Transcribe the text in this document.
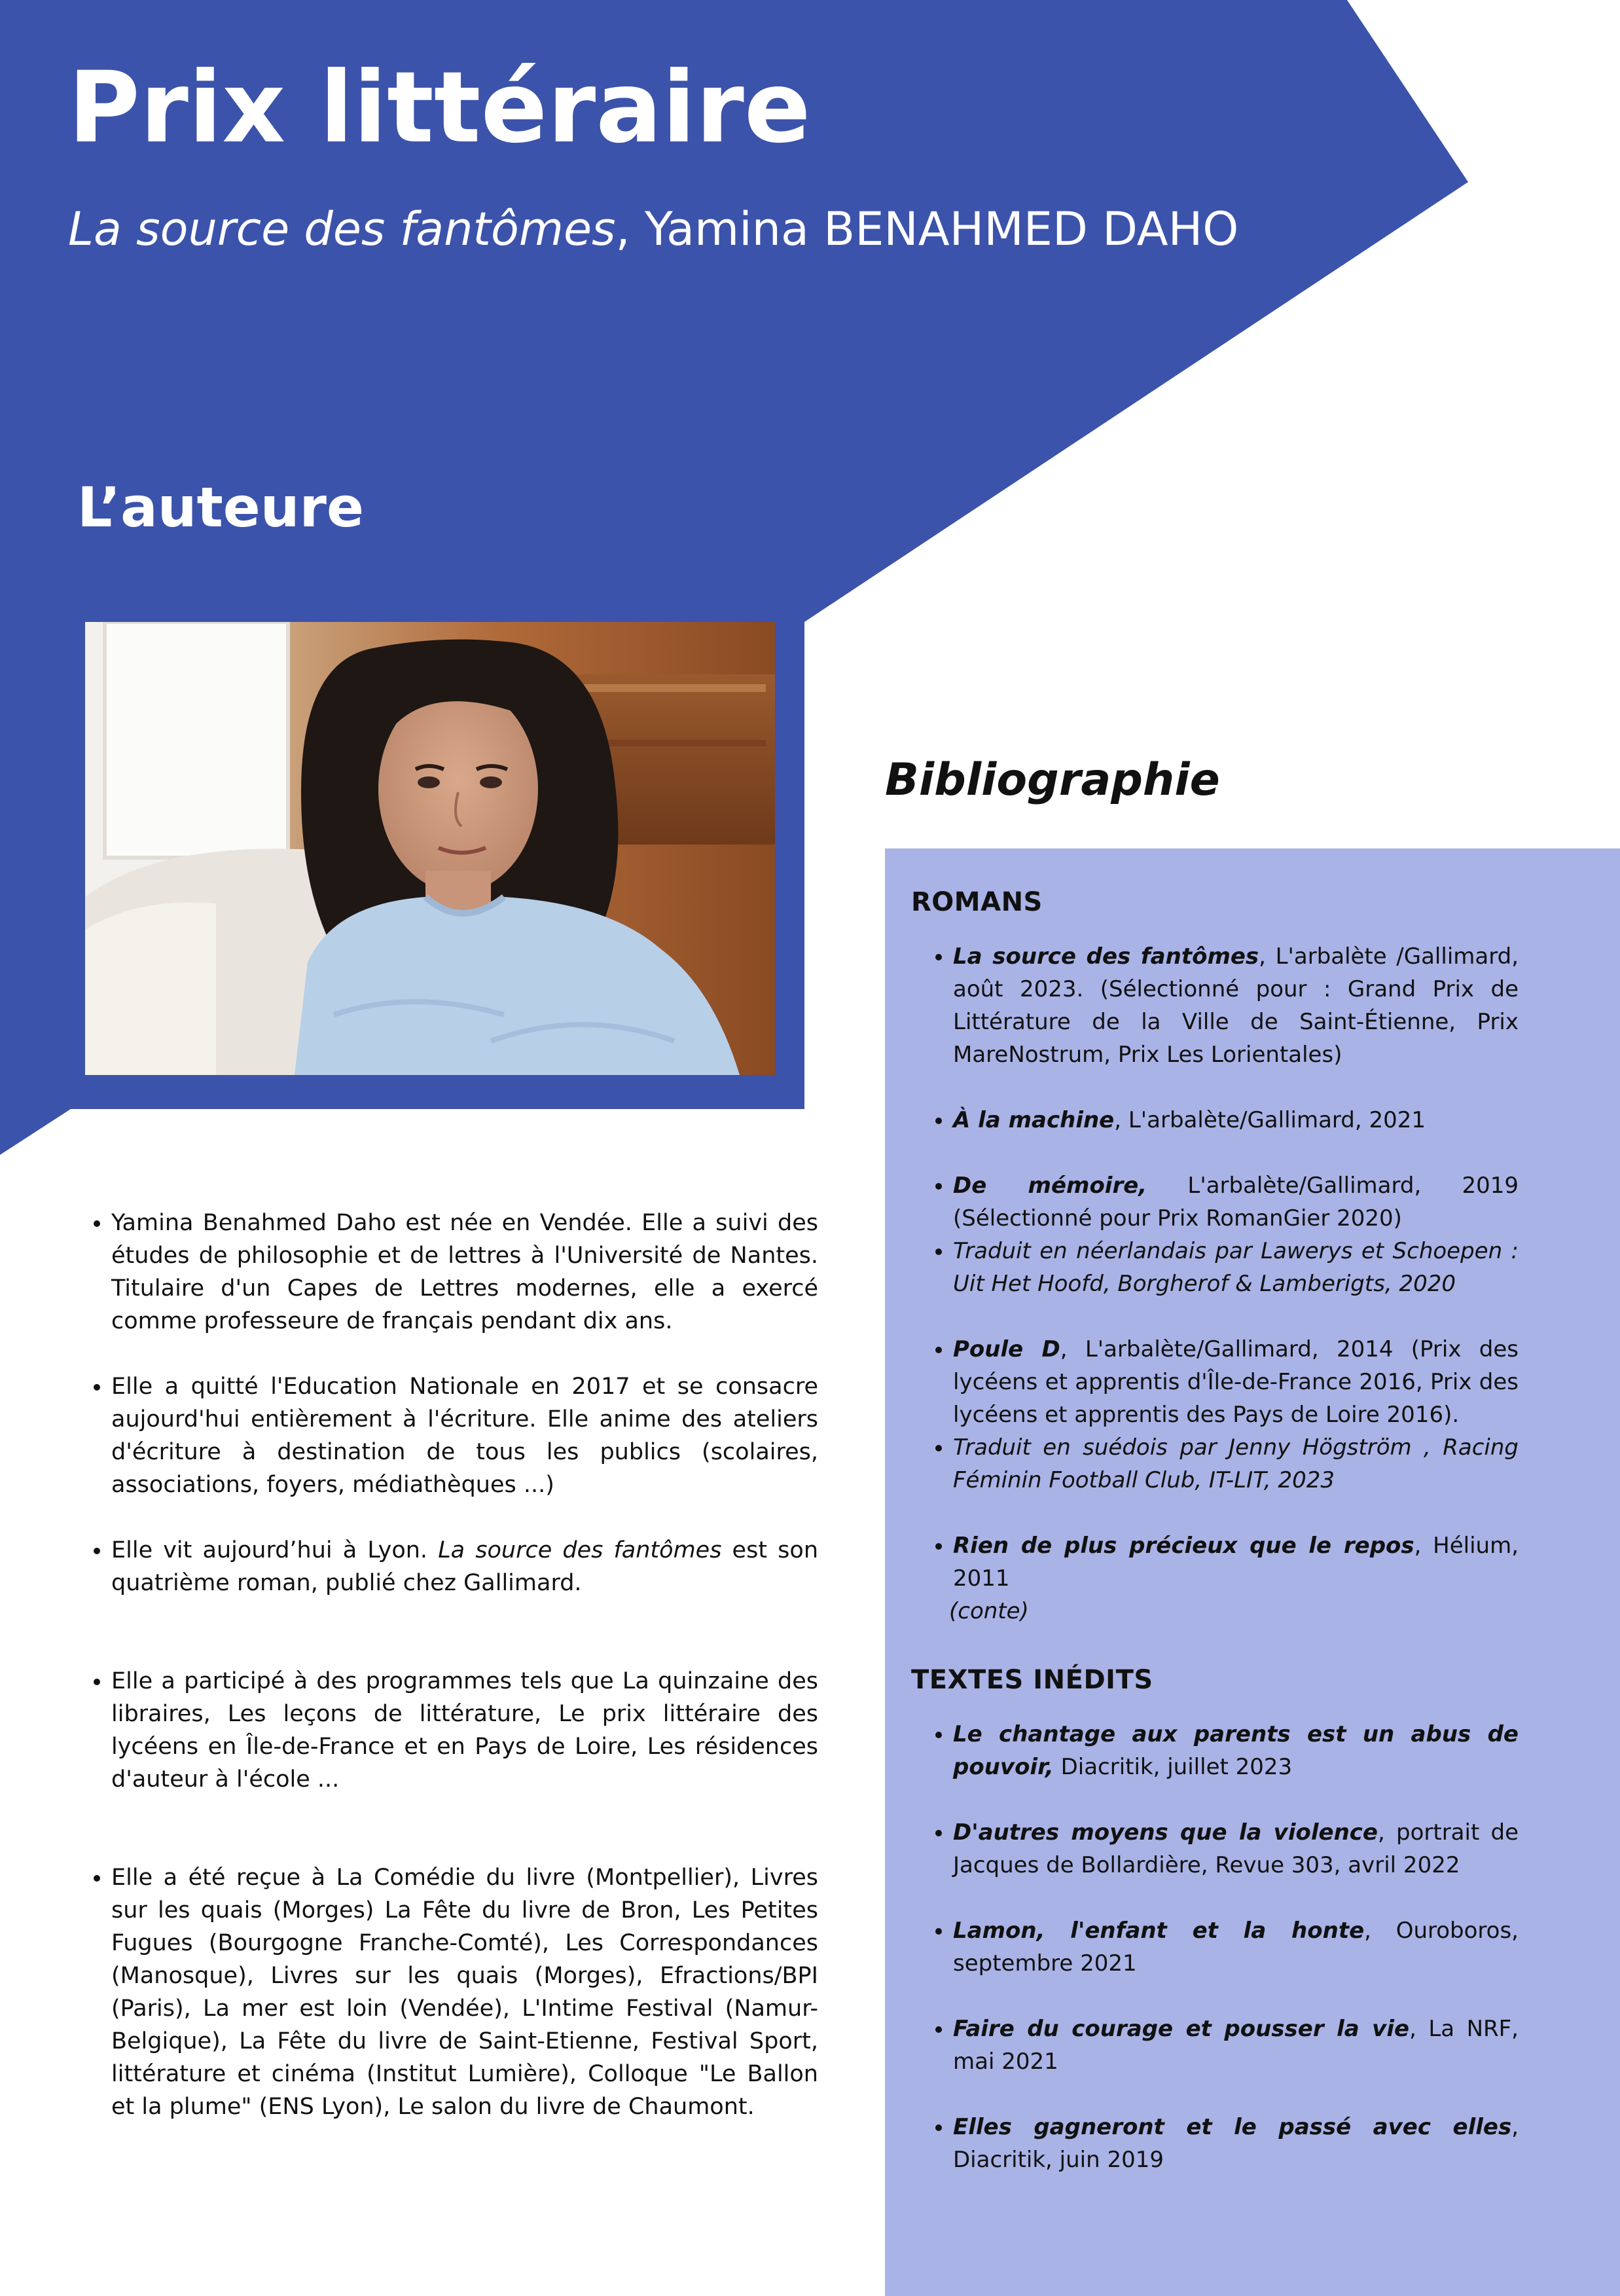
Prix littéraire

La source des fantômes, Yamina BENAHMED DAHO

L’auteure
Bibliographie
ROMANS
• La source des fantômes, L'arbalète /Gallimard, août 2023. (Sélectionné pour : Grand Prix de Littérature de la Ville de Saint-Étienne, Prix MareNostrum, Prix Les Lorientales)
• À la machine, L'arbalète/Gallimard, 2021
• De mémoire, L'arbalète/Gallimard, 2019 (Sélectionné pour Prix RomanGier 2020)
• Traduit en néerlandais par Lawerys et Schoepen : Uit Het Hoofd, Borgherof & Lamberigts, 2020
• Poule D, L'arbalète/Gallimard, 2014 (Prix des lycéens et apprentis d'Île-de-France 2016, Prix des lycéens et apprentis des Pays de Loire 2016).
• Traduit en suédois par Jenny Högström , Racing Féminin Football Club, IT-LIT, 2023
• Rien de plus précieux que le repos, Hélium, 2011
(conte)
TEXTES INÉDITS
• Le chantage aux parents est un abus de pouvoir, Diacritik, juillet 2023
• D'autres moyens que la violence, portrait de Jacques de Bollardière, Revue 303, avril 2022
• Lamon, l'enfant et la honte, Ouroboros, septembre 2021
• Faire du courage et pousser la vie, La NRF, mai 2021
• Elles gagneront et le passé avec elles, Diacritik, juin 2019
• Yamina Benahmed Daho est née en Vendée. Elle a suivi des études de philosophie et de lettres à l'Université de Nantes. Titulaire d'un Capes de Lettres modernes, elle a exercé comme professeure de français pendant dix ans.
• Elle a quitté l'Education Nationale en 2017 et se consacre aujourd'hui entièrement à l'écriture. Elle anime des ateliers d'écriture à destination de tous les publics (scolaires, associations, foyers, médiathèques ...)
• Elle vit aujourd’hui à Lyon. La source des fantômes est son quatrième roman, publié chez Gallimard.
• Elle a participé à des programmes tels que La quinzaine des libraires, Les leçons de littérature, Le prix littéraire des lycéens en Île-de-France et en Pays de Loire, Les résidences d'auteur à l'école ...
• Elle a été reçue à La Comédie du livre (Montpellier), Livres sur les quais (Morges) La Fête du livre de Bron, Les Petites Fugues (Bourgogne Franche-Comté), Les Correspondances (Manosque), Livres sur les quais (Morges), Efractions/BPI (Paris), La mer est loin (Vendée), L'Intime Festival (Namur-Belgique), La Fête du livre de Saint-Etienne, Festival Sport, littérature et cinéma (Institut Lumière), Colloque "Le Ballon et la plume" (ENS Lyon), Le salon du livre de Chaumont.
